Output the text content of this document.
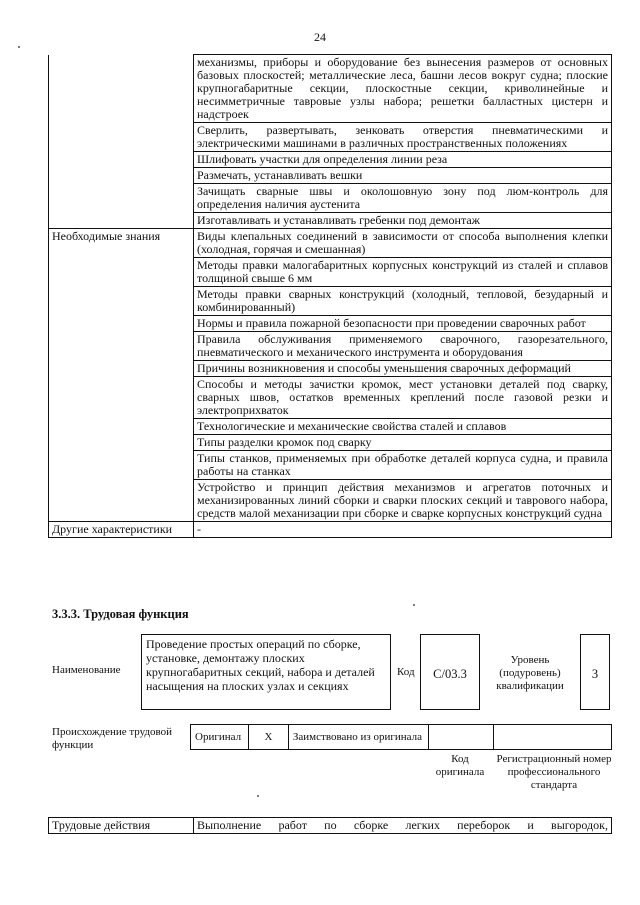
24
	механизмы, приборы и оборудование без вынесения размеров от основных базовых плоскостей; металлические леса, башни лесов вокруг судна; плоские крупногабаритные секции, плоскостные секции, криволинейные и несимметричные тавровые узлы набора; решетки балластных цистерн и надстроек
	Сверлить, развертывать, зенковать отверстия пневматическими и электрическими машинами в различных пространственных положениях
	Шлифовать участки для определения линии реза
	Размечать, устанавливать вешки
	Зачищать сварные швы и околошовную зону под люм-контроль для определения наличия аустенита
	Изготавливать и устанавливать гребенки под демонтаж
Необходимые знания	Виды клепальных соединений в зависимости от способа выполнения клепки (холодная, горячая и смешанная)
	Методы правки малогабаритных корпусных конструкций из сталей и сплавов толщиной свыше 6 мм
	Методы правки сварных конструкций (холодный, тепловой, безударный и комбинированный)
	Нормы и правила пожарной безопасности при проведении сварочных работ
	Правила обслуживания применяемого сварочного, газорезательного, пневматического и механического инструмента и оборудования
	Причины возникновения и способы уменьшения сварочных деформаций
	Способы и методы зачистки кромок, мест установки деталей под сварку, сварных швов, остатков временных креплений после газовой резки и электроприхваток
	Технологические и механические свойства сталей и сплавов
	Типы разделки кромок под сварку
	Типы станков, применяемых при обработке деталей корпуса судна, и правила работы на станках
	Устройство и принцип действия механизмов и агрегатов поточных и механизированных линий сборки и сварки плоских секций и таврового набора, средств малой механизации при сборке и сварке корпусных конструкций судна
Другие характеристики	-
3.3.3. Трудовая функция
Наименование
Проведение простых операций по сборке, установке, демонтажу плоских крупногабаритных секций, набора и деталей насыщения на плоских узлах и секциях
Код	C/03.3
Уровень (подуровень) квалификации
3
Происхождение трудовой функции
Оригинал	X	Заимствовано из оригинала		
Код оригинала
Регистрационный номер профессионального стандарта
Трудовые действия	Выполнение работ по сборке легких переборок и выгородок,
